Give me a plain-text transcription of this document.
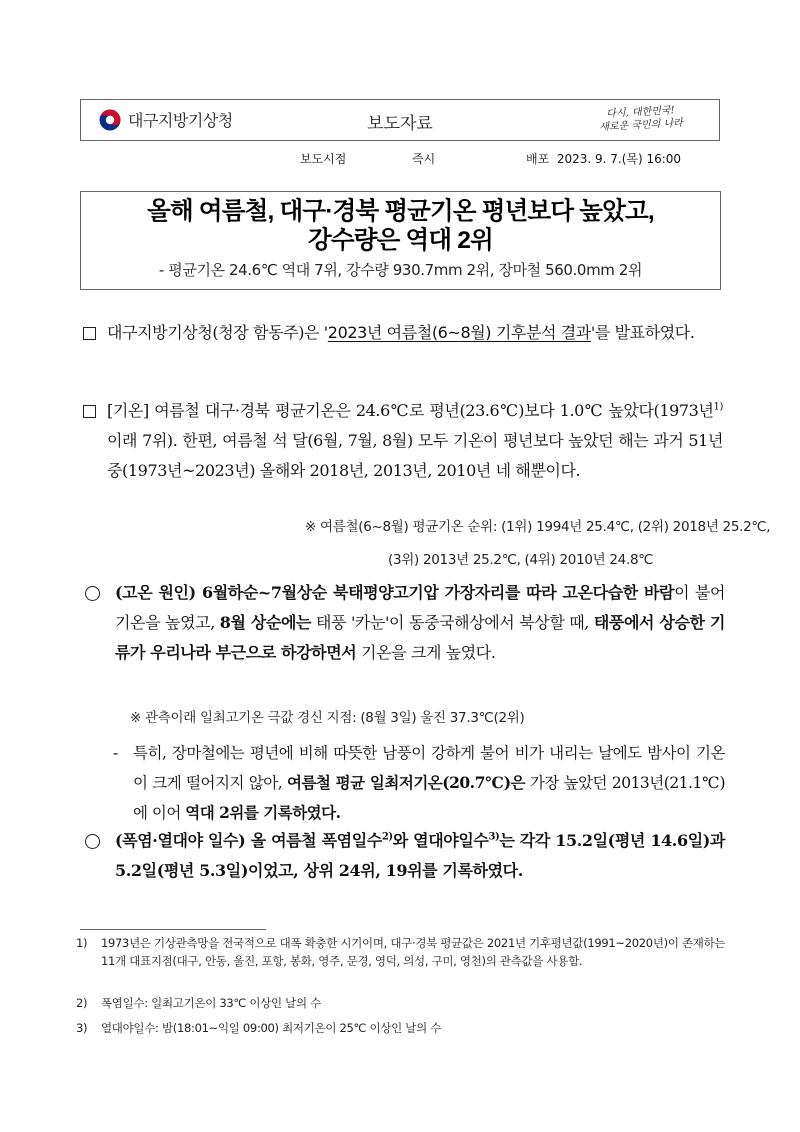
대구지방기상청	보도자료
다시, 대한민국!
새로운 국민의 나라
보도시점	즉시	배포  2023. 9. 7.(목) 16:00
올해 여름철, 대구·경북 평균기온 평년보다 높았고,
강수량은 역대 2위
- 평균기온 24.6℃ 역대 7위, 강수량 930.7mm 2위, 장마철 560.0mm 2위
대구지방기상청(청장 함동주)은 '2023년 여름철(6~8월) 기후분석 결과'를 발표하였다.
[기온] 여름철 대구·경북 평균기온은 24.6℃로 평년(23.6℃)보다 1.0℃ 높았다(1973년$^{1)}$ 이래 7위). 한편, 여름철 석 달(6월, 7월, 8월) 모두 기온이 평년보다 높았던 해는 과거 51년 중(1973년~2023년) 올해와 2018년, 2013년, 2010년 네 해뿐이다.
※ 여름철(6~8월) 평균기온 순위: (1위) 1994년 25.4℃, (2위) 2018년 25.2℃,
(3위) 2013년 25.2℃, (4위) 2010년 24.8℃
(고온 원인) 6월하순~7월상순 북태평양고기압 가장자리를 따라 고온다습한 바람이 불어 기온을 높였고, 8월 상순에는 태풍 '카눈'이 동중국해상에서 북상할 때, 태풍에서 상승한 기류가 우리나라 부근으로 하강하면서 기온을 크게 높였다.
※ 관측이래 일최고기온 극값 경신 지점: (8월 3일) 울진 37.3℃(2위)
- 특히, 장마철에는 평년에 비해 따뜻한 남풍이 강하게 불어 비가 내리는 날에도 밤사이 기온이 크게 떨어지지 않아, 여름철 평균 일최저기온(20.7℃)은 가장 높았던 2013년(21.1℃)에 이어 역대 2위를 기록하였다.
(폭염·열대야 일수) 올 여름철 폭염일수$^{2)}$와 열대야일수$^{3)}$는 각각 15.2일(평년 14.6일)과 5.2일(평년 5.3일)이었고, 상위 24위, 19위를 기록하였다.
1) 1973년은 기상관측망을 전국적으로 대폭 확충한 시기이며, 대구·경북 평균값은 2021년 기후평년값(1991~2020년)이 존재하는 11개 대표지점(대구, 안동, 울진, 포항, 봉화, 영주, 문경, 영덕, 의성, 구미, 영천)의 관측값을 사용함.
2) 폭염일수: 일최고기온이 33℃ 이상인 날의 수
3) 열대야일수: 밤(18:01~익일 09:00) 최저기온이 25℃ 이상인 날의 수
